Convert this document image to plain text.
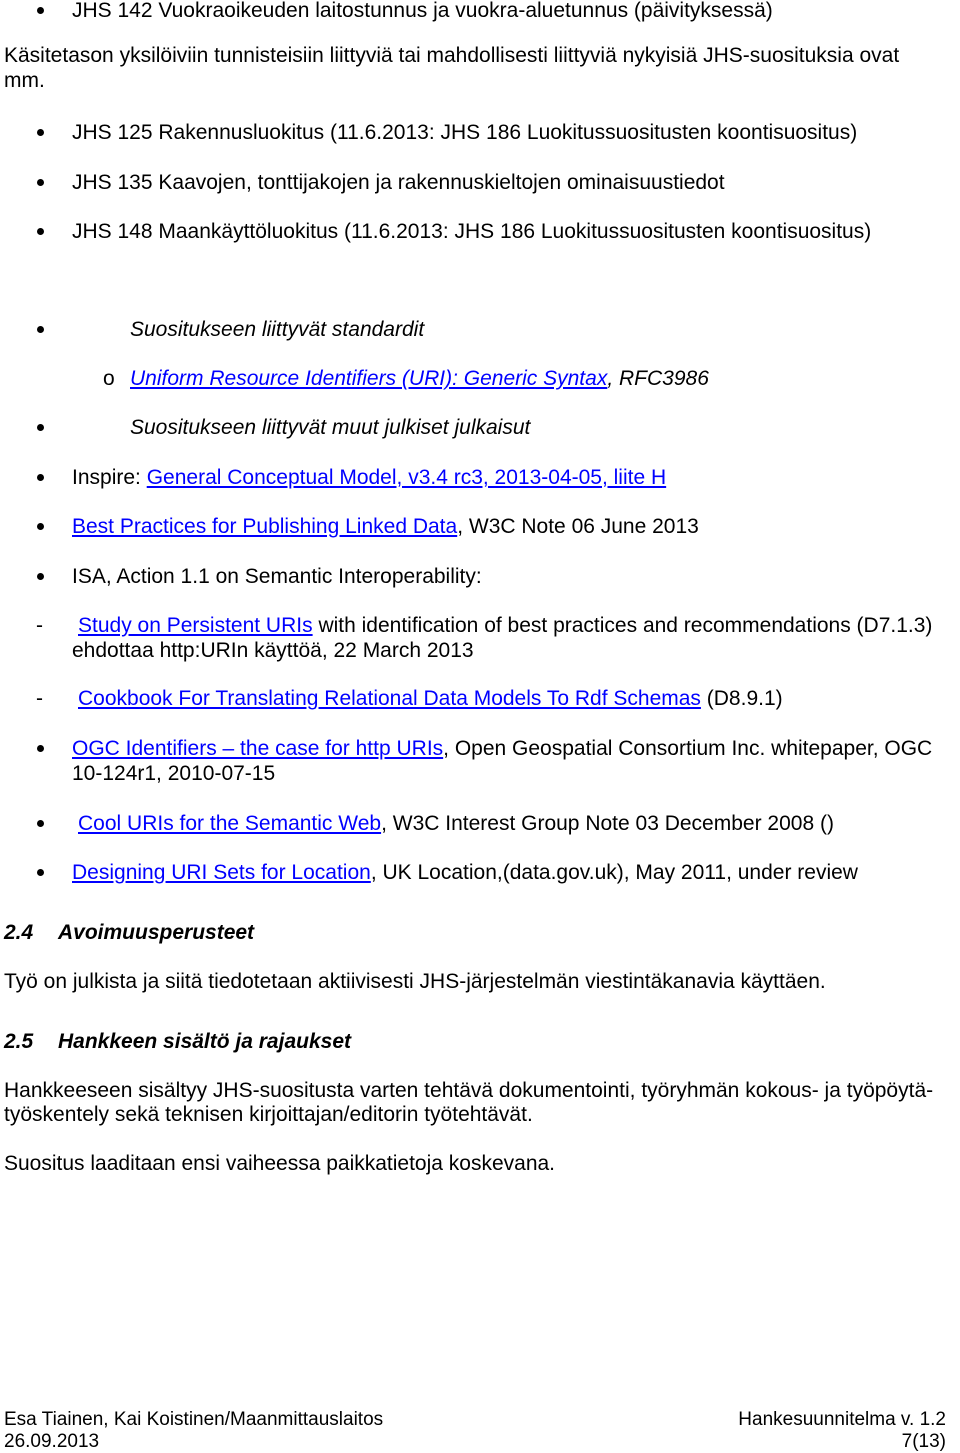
JHS 142 Vuokraoikeuden laitostunnus ja vuokra-aluetunnus (päivityksessä)
Käsitetason yksilöiviin tunnisteisiin liittyviä tai mahdollisesti liittyviä nykyisiä JHS-suosituksia ovat
mm.
JHS 125 Rakennusluokitus (11.6.2013: JHS 186 Luokitussuositusten koontisuositus)
JHS 135 Kaavojen, tonttijakojen ja rakennuskieltojen ominaisuustiedot
JHS 148 Maankäyttöluokitus (11.6.2013: JHS 186 Luokitussuositusten koontisuositus)
Suositukseen liittyvät standardit
o Uniform Resource Identifiers (URI): Generic Syntax, RFC3986
Suositukseen liittyvät muut julkiset julkaisut
Inspire: General Conceptual Model, v3.4 rc3, 2013-04-05, liite H
Best Practices for Publishing Linked Data, W3C Note 06 June 2013
ISA, Action 1.1 on Semantic Interoperability:
- Study on Persistent URIs with identification of best practices and recommendations (D7.1.3)
ehdottaa http:URIn käyttöä, 22 March 2013
- Cookbook For Translating Relational Data Models To Rdf Schemas (D8.9.1)
OGC Identifiers – the case for http URIs, Open Geospatial Consortium Inc. whitepaper, OGC
10-124r1, 2010-07-15
Cool URIs for the Semantic Web, W3C Interest Group Note 03 December 2008 ()
Designing URI Sets for Location, UK Location,(data.gov.uk), May 2011, under review
2.4 Avoimuusperusteet
Työ on julkista ja siitä tiedotetaan aktiivisesti JHS-järjestelmän viestintäkanavia käyttäen.
2.5 Hankkeen sisältö ja rajaukset
Hankkeeseen sisältyy JHS-suositusta varten tehtävä dokumentointi, työryhmän kokous- ja työpöytä-
työskentely sekä teknisen kirjoittajan/editorin työtehtävät.
Suositus laaditaan ensi vaiheessa paikkatietoja koskevana.
Esa Tiainen, Kai Koistinen/Maanmittauslaitos	Hankesuunnitelma v. 1.2
26.09.2013	7(13)
